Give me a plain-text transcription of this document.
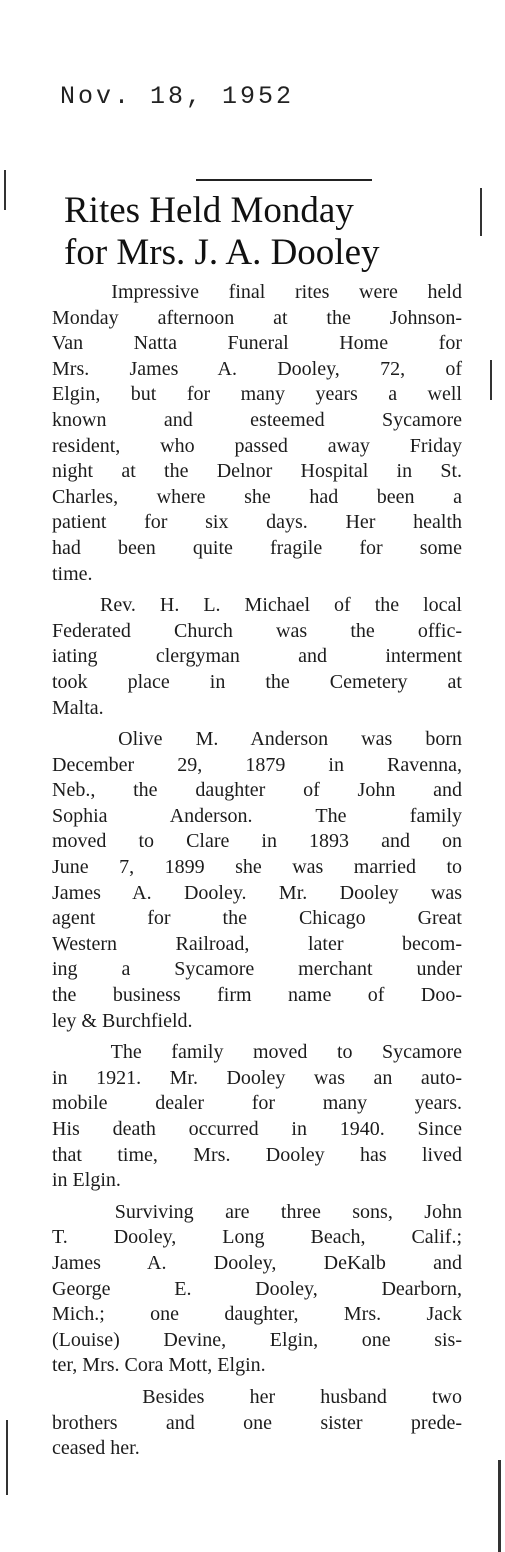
Nov. 18, 1952
Rites Held Monday
for Mrs. J. A. Dooley
Impressive final rites were held
Monday afternoon at the Johnson-
Van Natta Funeral Home for
Mrs. James A. Dooley, 72, of
Elgin, but for many years a well
known and esteemed Sycamore
resident, who passed away Friday
night at the Delnor Hospital in St.
Charles, where she had been a
patient for six days. Her health
had been quite fragile for some
time.
Rev. H. L. Michael of the local
Federated Church was the offic-
iating clergyman and interment
took place in the Cemetery at
Malta.
Olive M. Anderson was born
December 29, 1879 in Ravenna,
Neb., the daughter of John and
Sophia Anderson. The family
moved to Clare in 1893 and on
June 7, 1899 she was married to
James A. Dooley. Mr. Dooley was
agent for the Chicago Great
Western Railroad, later becom-
ing a Sycamore merchant under
the business firm name of Doo-
ley & Burchfield.
The family moved to Sycamore
in 1921. Mr. Dooley was an auto-
mobile dealer for many years.
His death occurred in 1940. Since
that time, Mrs. Dooley has lived
in Elgin.
Surviving are three sons, John
T. Dooley, Long Beach, Calif.;
James A. Dooley, DeKalb and
George E. Dooley, Dearborn,
Mich.; one daughter, Mrs. Jack
(Louise) Devine, Elgin, one sis-
ter, Mrs. Cora Mott, Elgin.
Besides her husband two
brothers and one sister prede-
ceased her.
